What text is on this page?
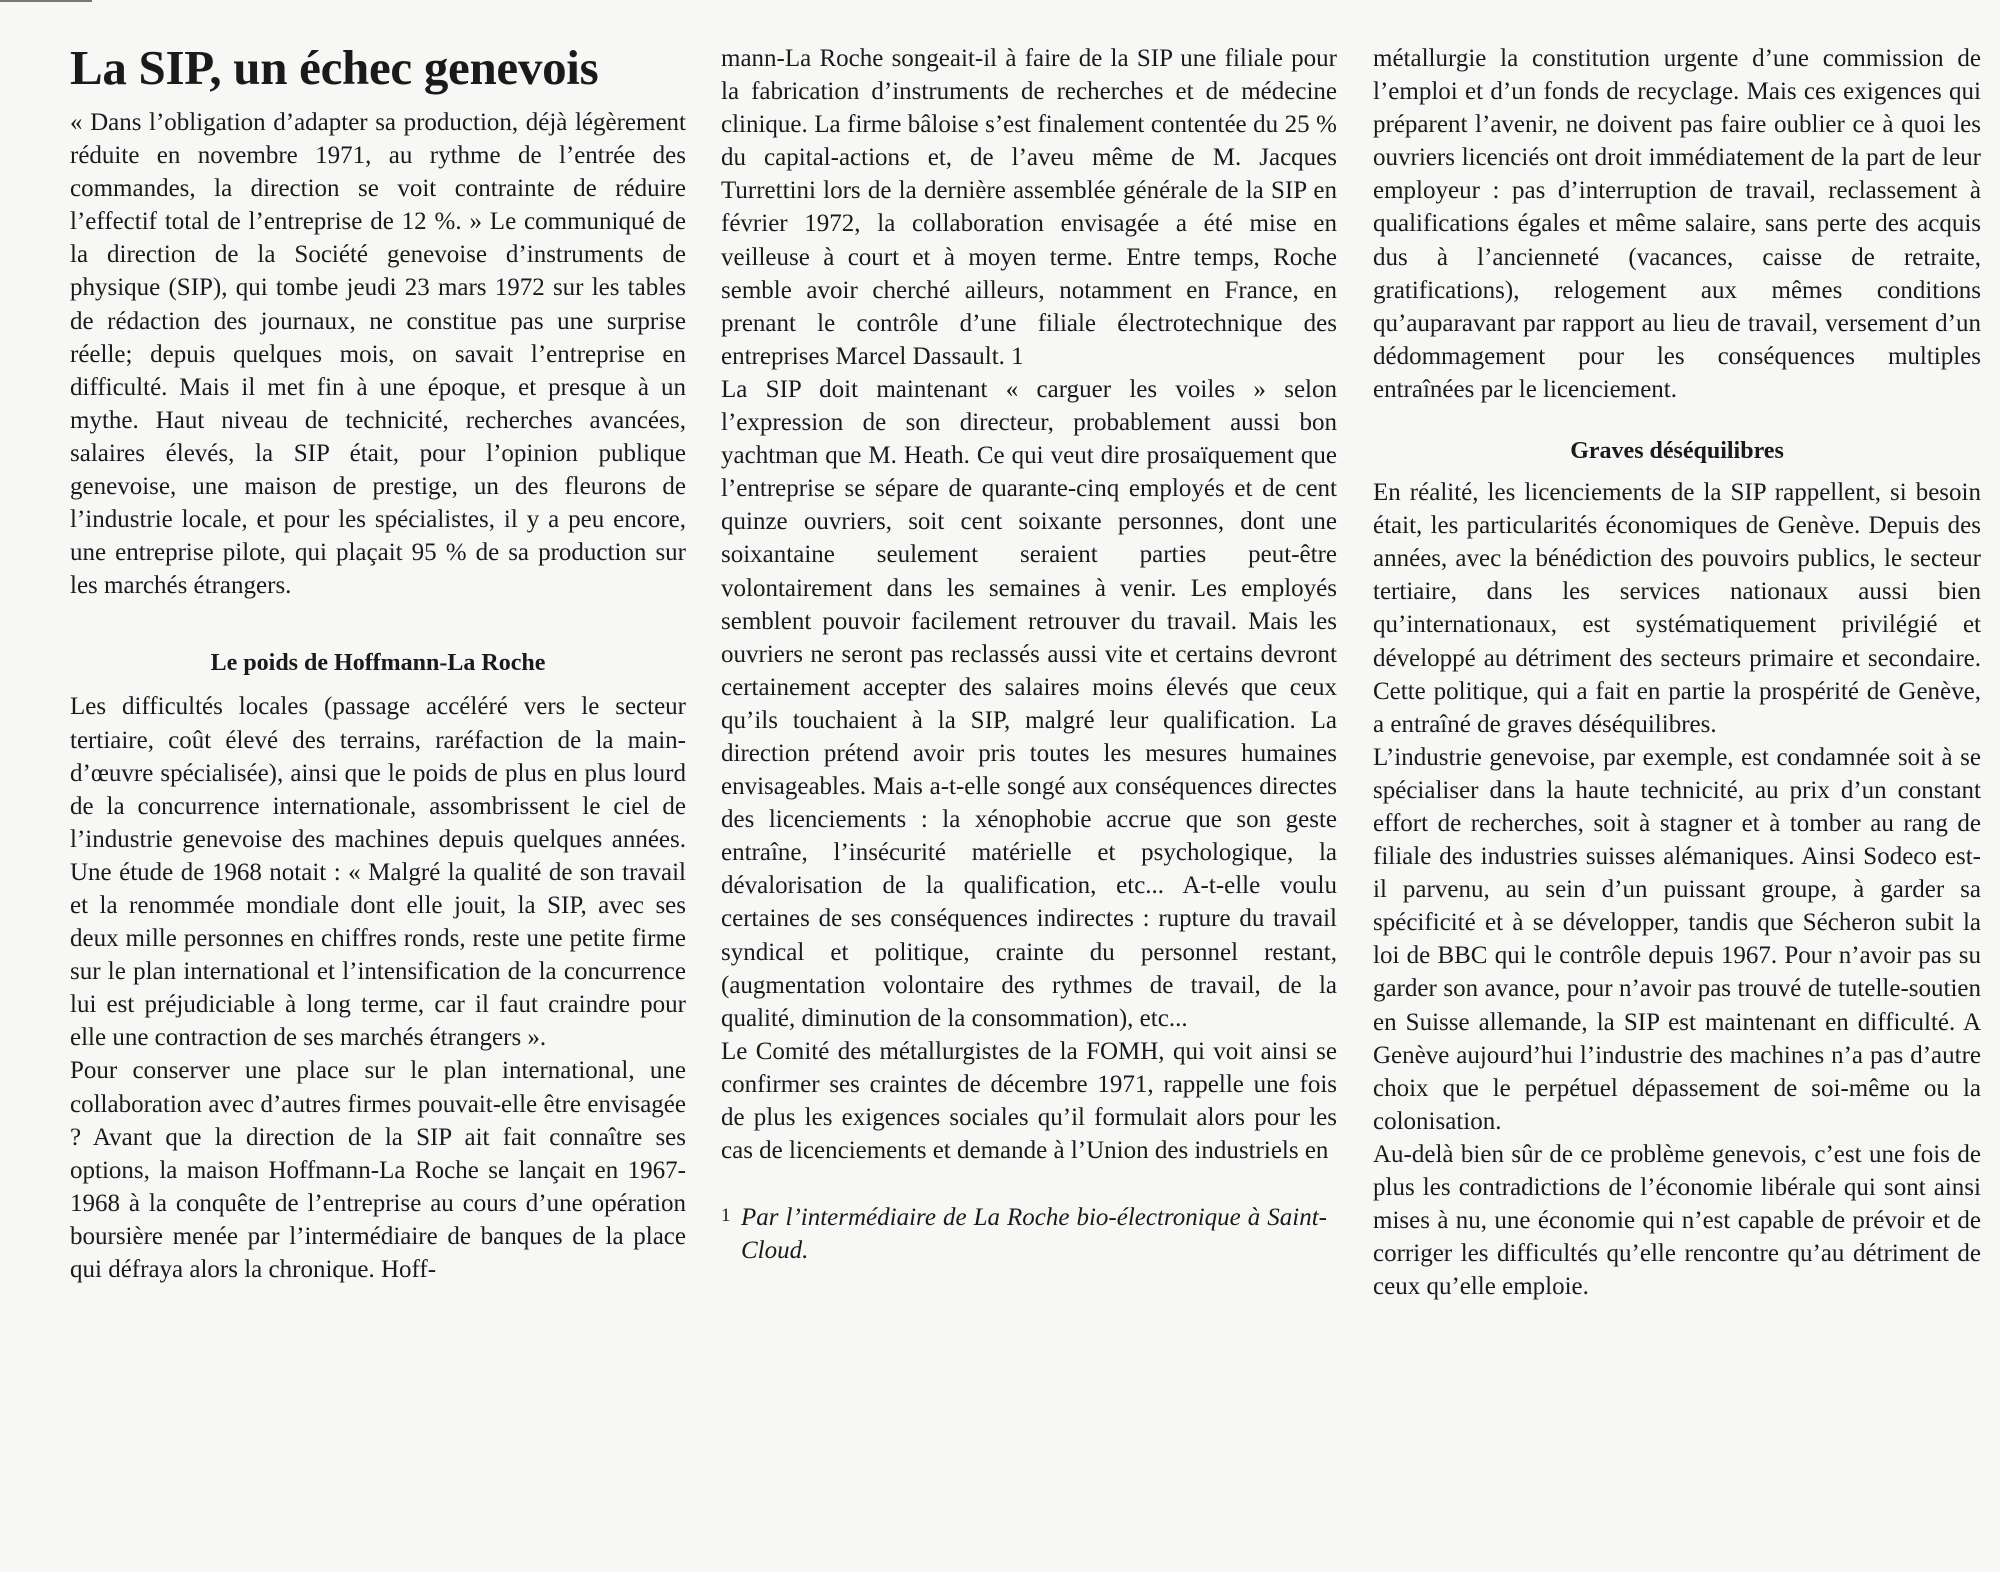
La SIP, un échec genevois

« Dans l’obligation d’adapter sa production, déjà légèrement réduite en novembre 1971, au rythme de l’entrée des commandes, la direction se voit contrainte de réduire l’effectif total de l’entreprise de 12 %. » Le communiqué de la direction de la Société genevoise d’instruments de physique (SIP), qui tombe jeudi 23 mars 1972 sur les tables de rédaction des journaux, ne constitue pas une surprise réelle; depuis quelques mois, on savait l’entreprise en difficulté. Mais il met fin à une époque, et presque à un mythe. Haut niveau de technicité, recherches avancées, salaires élevés, la SIP était, pour l’opinion publique genevoise, une maison de prestige, un des fleurons de l’industrie locale, et pour les spécialistes, il y a peu encore, une entreprise pilote, qui plaçait 95 % de sa production sur les marchés étrangers.

Le poids de Hoffmann-La Roche

Les difficultés locales (passage accéléré vers le secteur tertiaire, coût élevé des terrains, raréfaction de la main-d’œuvre spécialisée), ainsi que le poids de plus en plus lourd de la concurrence internationale, assombrissent le ciel de l’industrie genevoise des machines depuis quelques années. Une étude de 1968 notait : « Malgré la qualité de son travail et la renommée mondiale dont elle jouit, la SIP, avec ses deux mille personnes en chiffres ronds, reste une petite firme sur le plan international et l’intensification de la concurrence lui est préjudiciable à long terme, car il faut craindre pour elle une contraction de ses marchés étrangers ».

Pour conserver une place sur le plan international, une collaboration avec d’autres firmes pouvait-elle être envisagée ? Avant que la direction de la SIP ait fait connaître ses options, la maison Hoffmann-La Roche se lançait en 1967-1968 à la conquête de l’entreprise au cours d’une opération boursière menée par l’intermédiaire de banques de la place qui défraya alors la chronique. Hoff-

mann-La Roche songeait-il à faire de la SIP une filiale pour la fabrication d’instruments de recherches et de médecine clinique. La firme bâloise s’est finalement contentée du 25 % du capital-actions et, de l’aveu même de M. Jacques Turrettini lors de la dernière assemblée générale de la SIP en février 1972, la collaboration envisagée a été mise en veilleuse à court et à moyen terme. Entre temps, Roche semble avoir cherché ailleurs, notamment en France, en prenant le contrôle d’une filiale électrotechnique des entreprises Marcel Dassault. 1

La SIP doit maintenant « carguer les voiles » selon l’expression de son directeur, probablement aussi bon yachtman que M. Heath. Ce qui veut dire prosaïquement que l’entreprise se sépare de quarante-cinq employés et de cent quinze ouvriers, soit cent soixante personnes, dont une soixantaine seulement seraient parties peut-être volontairement dans les semaines à venir. Les employés semblent pouvoir facilement retrouver du travail. Mais les ouvriers ne seront pas reclassés aussi vite et certains devront certainement accepter des salaires moins élevés que ceux qu’ils touchaient à la SIP, malgré leur qualification. La direction prétend avoir pris toutes les mesures humaines envisageables. Mais a-t-elle songé aux conséquences directes des licenciements : la xénophobie accrue que son geste entraîne, l’insécurité matérielle et psychologique, la dévalorisation de la qualification, etc... A-t-elle voulu certaines de ses conséquences indirectes : rupture du travail syndical et politique, crainte du personnel restant, (augmentation volontaire des rythmes de travail, de la qualité, diminution de la consommation), etc...

Le Comité des métallurgistes de la FOMH, qui voit ainsi se confirmer ses craintes de décembre 1971, rappelle une fois de plus les exigences sociales qu’il formulait alors pour les cas de licenciements et demande à l’Union des industriels en

1 Par l’intermédiaire de La Roche bio-électronique à Saint-Cloud.

métallurgie la constitution urgente d’une commission de l’emploi et d’un fonds de recyclage. Mais ces exigences qui préparent l’avenir, ne doivent pas faire oublier ce à quoi les ouvriers licenciés ont droit immédiatement de la part de leur employeur : pas d’interruption de travail, reclassement à qualifications égales et même salaire, sans perte des acquis dus à l’ancienneté (vacances, caisse de retraite, gratifications), relogement aux mêmes conditions qu’auparavant par rapport au lieu de travail, versement d’un dédommagement pour les conséquences multiples entraînées par le licenciement.

Graves déséquilibres

En réalité, les licenciements de la SIP rappellent, si besoin était, les particularités économiques de Genève. Depuis des années, avec la bénédiction des pouvoirs publics, le secteur tertiaire, dans les services nationaux aussi bien qu’internationaux, est systématiquement privilégié et développé au détriment des secteurs primaire et secondaire. Cette politique, qui a fait en partie la prospérité de Genève, a entraîné de graves déséquilibres.

L’industrie genevoise, par exemple, est condamnée soit à se spécialiser dans la haute technicité, au prix d’un constant effort de recherches, soit à stagner et à tomber au rang de filiale des industries suisses alémaniques. Ainsi Sodeco est-il parvenu, au sein d’un puissant groupe, à garder sa spécificité et à se développer, tandis que Sécheron subit la loi de BBC qui le contrôle depuis 1967. Pour n’avoir pas su garder son avance, pour n’avoir pas trouvé de tutelle-soutien en Suisse allemande, la SIP est maintenant en difficulté. A Genève aujourd’hui l’industrie des machines n’a pas d’autre choix que le perpétuel dépassement de soi-même ou la colonisation.

Au-delà bien sûr de ce problème genevois, c’est une fois de plus les contradictions de l’économie libérale qui sont ainsi mises à nu, une économie qui n’est capable de prévoir et de corriger les difficultés qu’elle rencontre qu’au détriment de ceux qu’elle emploie.
